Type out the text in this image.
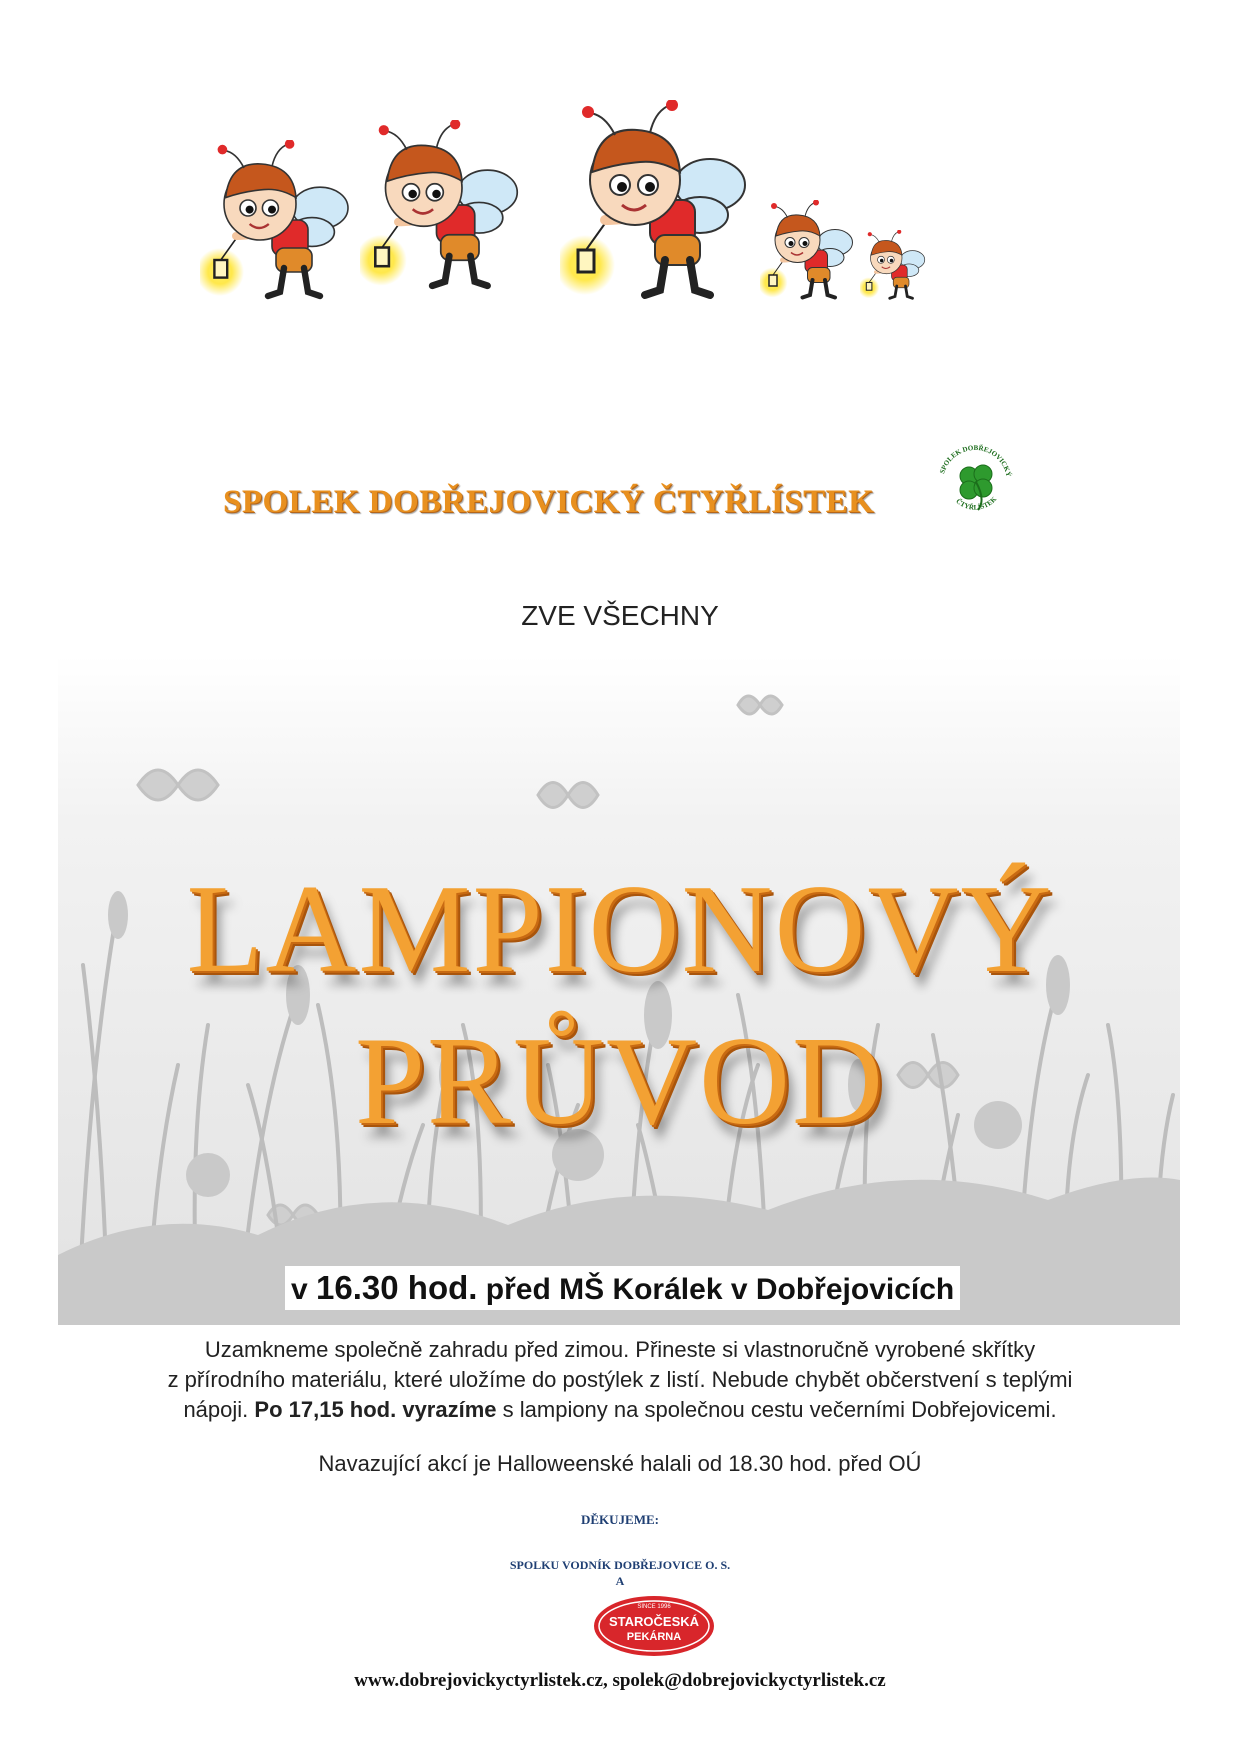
SPOLEK DOBŘEJOVICKÝ ČTYŘLÍSTEK
SPOLEK DOBŘEJOVICKÝ
ČTYŘLÍSTEK
ZVE VŠECHNY
LAMPIONOVÝ
PRŮVOD
v 16.30 hod. před MŠ Korálek v Dobřejovicích
Uzamkneme společně zahradu před zimou. Přineste si vlastnoručně vyrobené skřítky
z přírodního materiálu, které uložíme do postýlek z listí. Nebude chybět občerstvení s teplými
nápoji. Po 17,15 hod. vyrazíme s lampiony na společnou cestu večerními Dobřejovicemi.
Navazující akcí je Halloweenské halali od 18.30 hod. před OÚ
DĚKUJEME:
SPOLKU VODNÍK DOBŘEJOVICE O. S.
A
SINCE 1996
STAROČESKÁ
PEKÁRNA
www.dobrejovickyctyrlistek.cz, spolek@dobrejovickyctyrlistek.cz
